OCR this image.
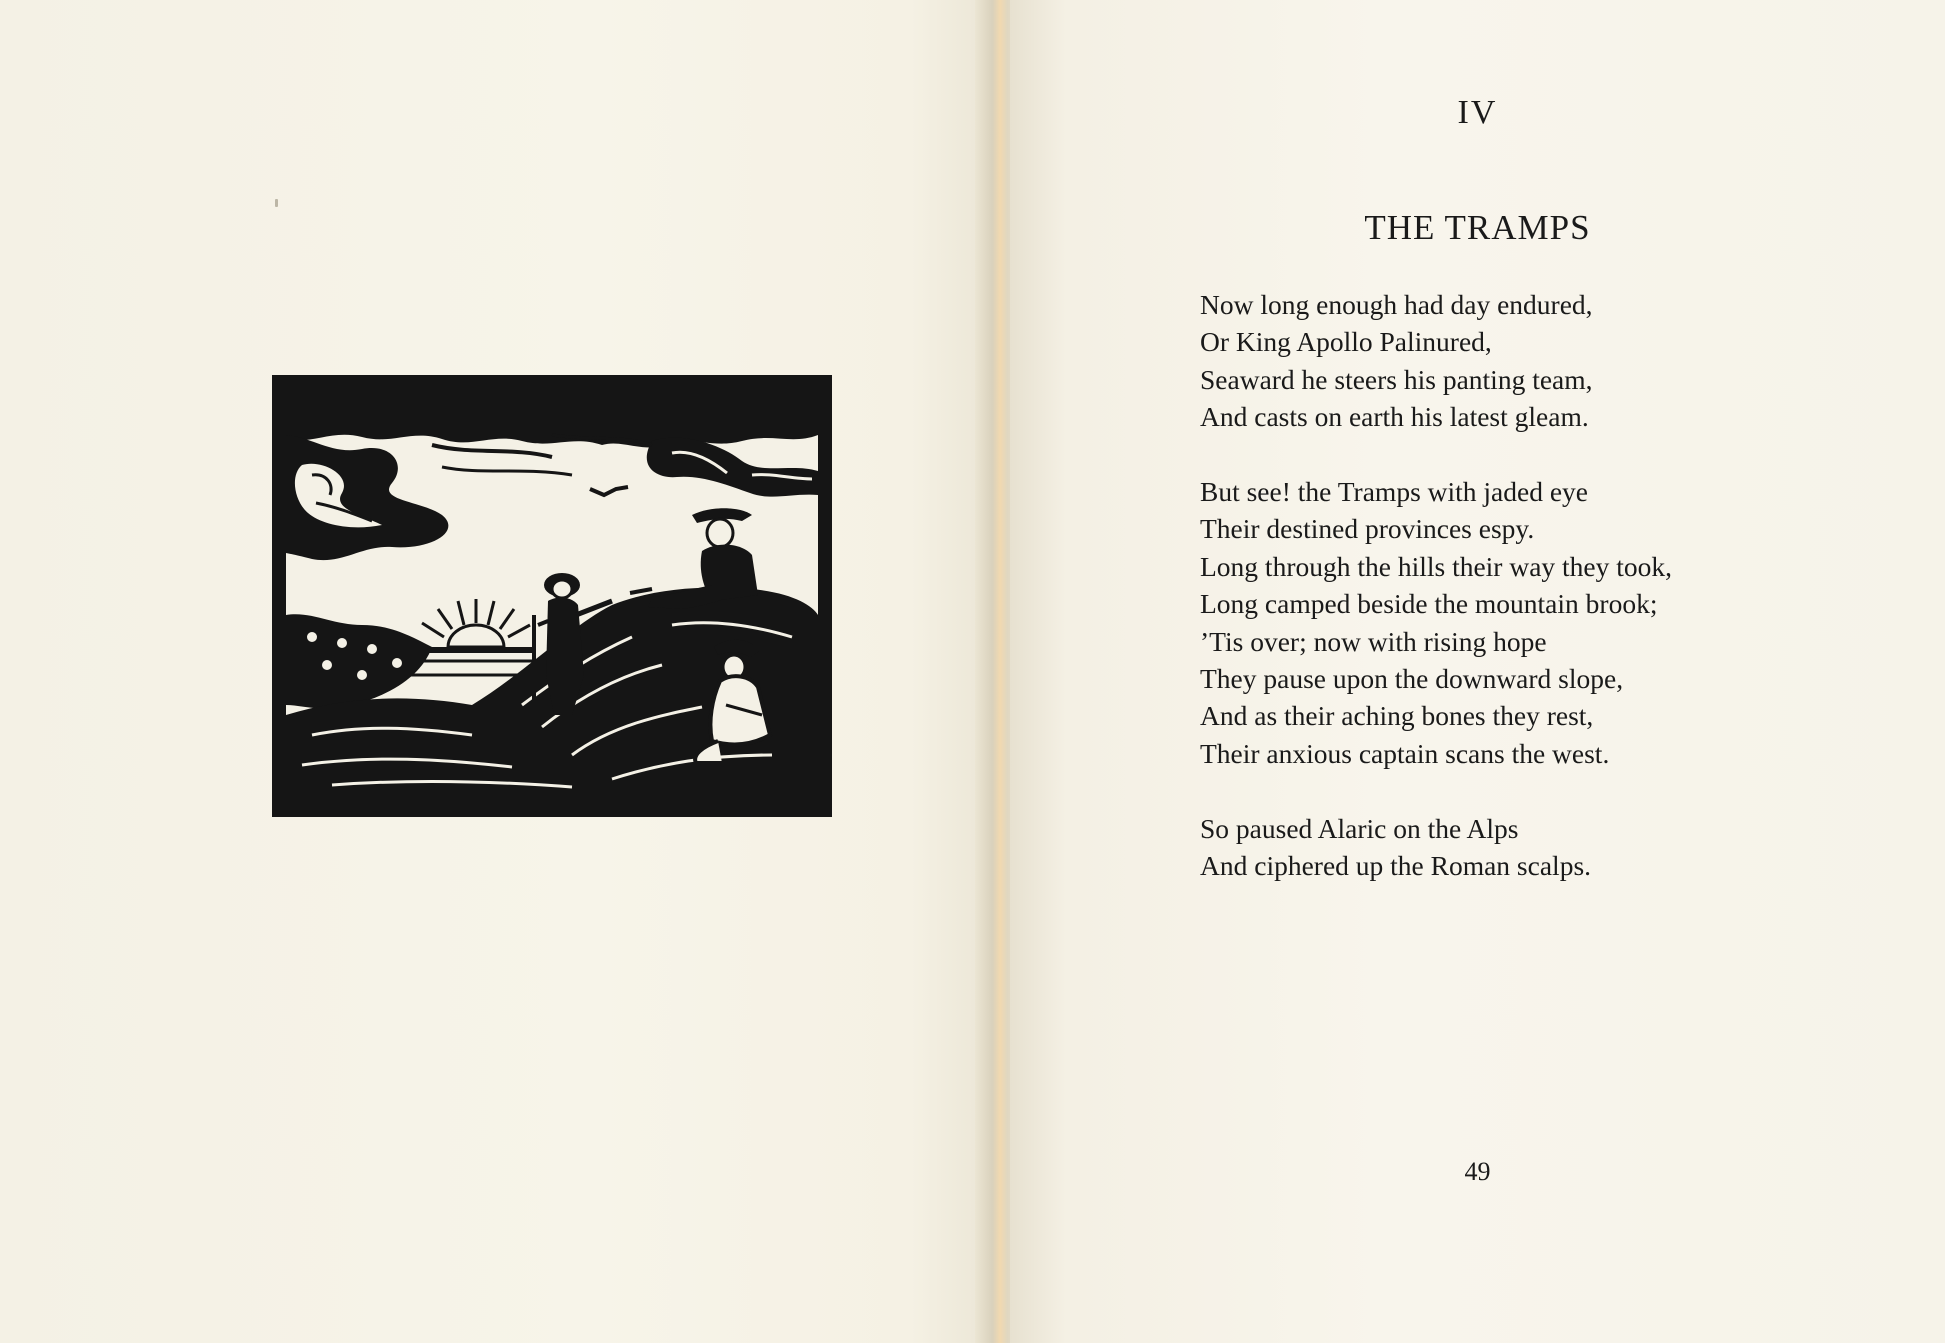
IV
THE TRAMPS

Now long enough had day endured,
Or King Apollo Palinured,
Seaward he steers his panting team,
And casts on earth his latest gleam.

But see! the Tramps with jaded eye
Their destined provinces espy.
Long through the hills their way they took,
Long camped beside the mountain brook;
’Tis over; now with rising hope
They pause upon the downward slope,
And as their aching bones they rest,
Their anxious captain scans the west.

So paused Alaric on the Alps
And ciphered up the Roman scalps.

49
